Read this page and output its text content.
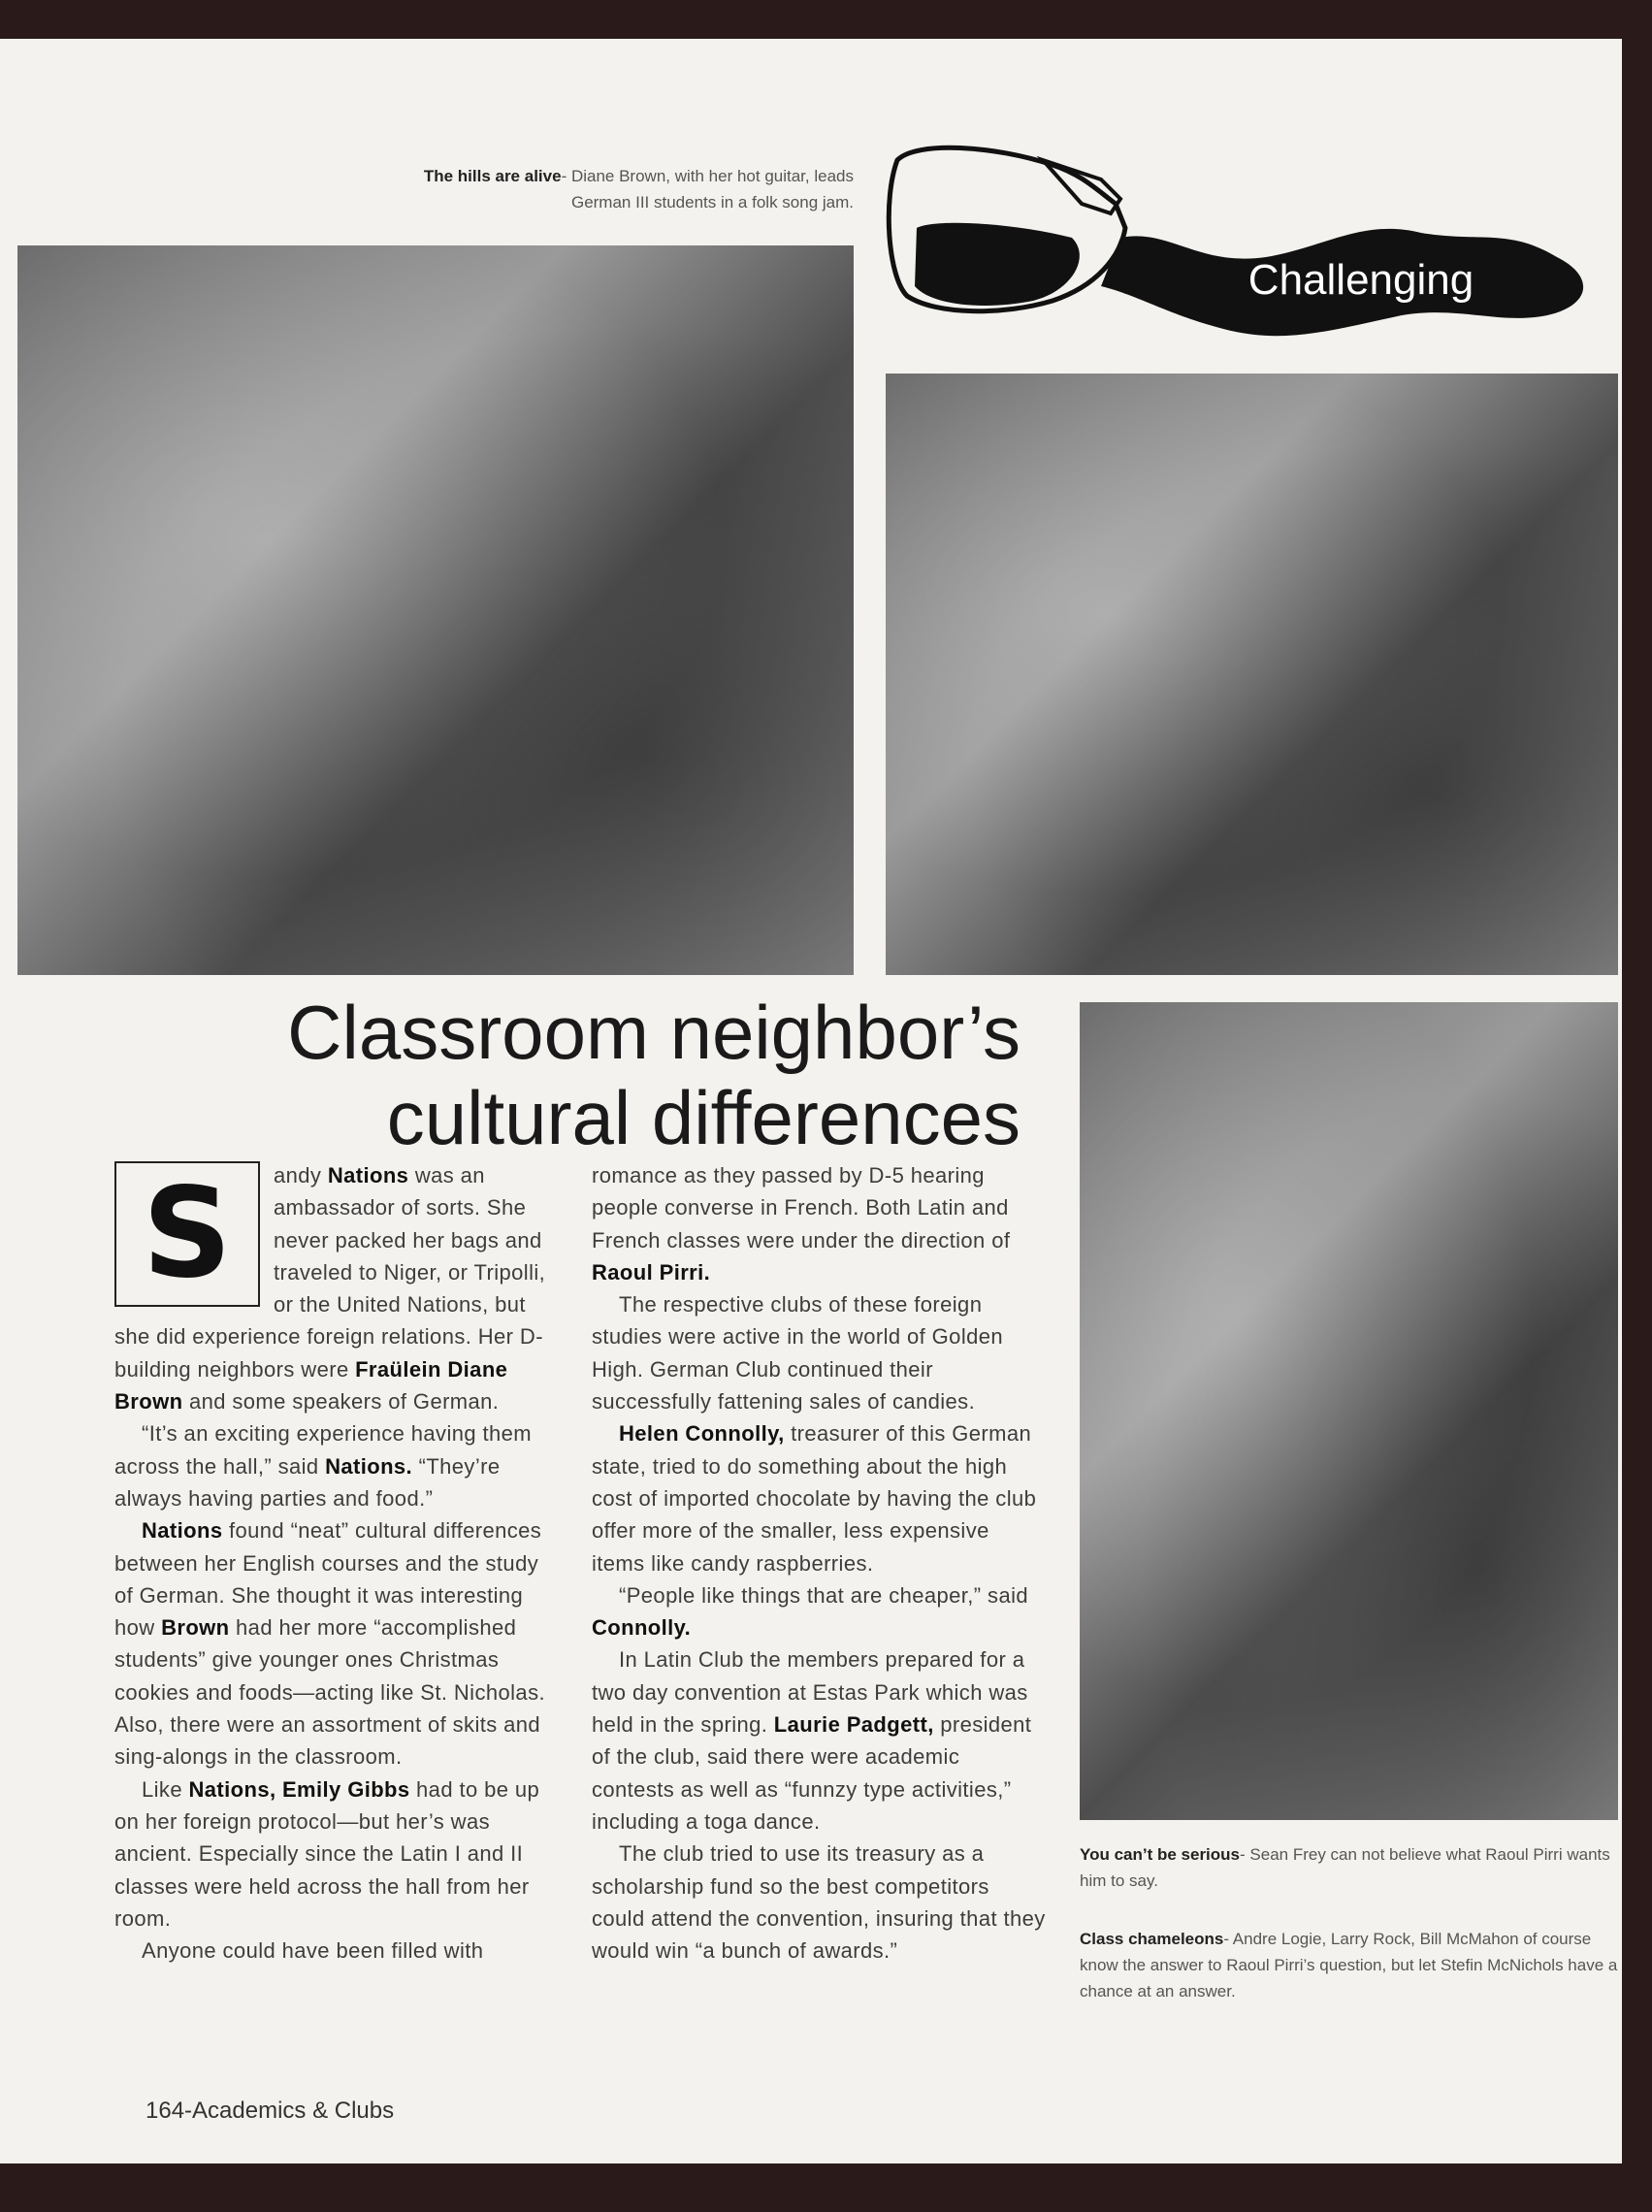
The hills are alive- Diane Brown, with her hot guitar, leads German III students in a folk song jam.
Challenging
Classroom neighbor’s
cultural differences
S	andy Nations was an ambassador of sorts. She never packed her bags and traveled to Niger, or Tripolli, or the United Nations, but she did experience foreign relations. Her D-building neighbors were Fraülein Diane Brown and some speakers of German.

“It’s an exciting experience having them across the hall,” said Nations. “They’re always having parties and food.”

Nations found “neat” cultural differences between her English courses and the study of German. She thought it was interesting how Brown had her more “accomplished students” give younger ones Christmas cookies and foods—acting like St. Nicholas. Also, there were an assortment of skits and sing-alongs in the classroom.

Like Nations, Emily Gibbs had to be up on her foreign protocol—but her’s was ancient. Especially since the Latin I and II classes were held across the hall from her room.

Anyone could have been filled with

romance as they passed by D-5 hearing people converse in French. Both Latin and French classes were under the direction of Raoul Pirri.

The respective clubs of these foreign studies were active in the world of Golden High. German Club continued their successfully fattening sales of candies.

Helen Connolly, treasurer of this German state, tried to do something about the high cost of imported chocolate by having the club offer more of the smaller, less expensive items like candy raspberries.

“People like things that are cheaper,” said Connolly.

In Latin Club the members prepared for a two day convention at Estas Park which was held in the spring. Laurie Padgett, president of the club, said there were academic contests as well as “funnzy type activities,” including a toga dance.

The club tried to use its treasury as a scholarship fund so the best competitors could attend the convention, insuring that they would win “a bunch of awards.”

You can’t be serious- Sean Frey can not believe what Raoul Pirri wants him to say.
Class chameleons- Andre Logie, Larry Rock, Bill McMahon of course know the answer to Raoul Pirri’s question, but let Stefin McNichols have a chance at an answer.
164-Academics & Clubs
